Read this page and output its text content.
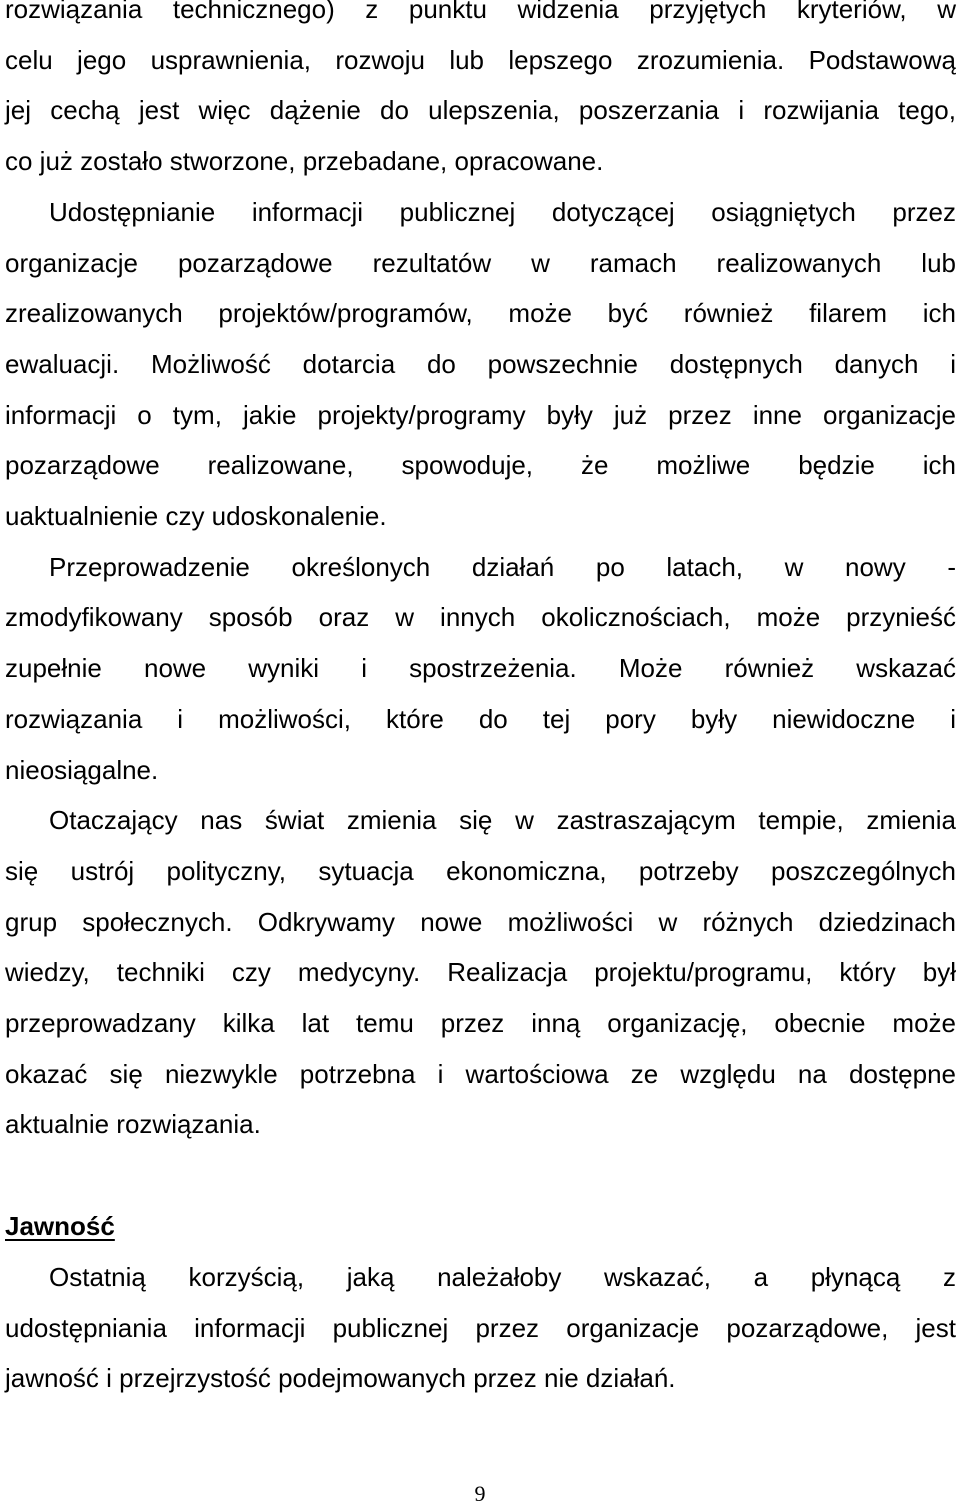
rozwiązania technicznego) z punktu widzenia przyjętych kryteriów, w

celu jego usprawnienia, rozwoju lub lepszego zrozumienia. Podstawową

jej cechą jest więc dążenie do ulepszenia, poszerzania i rozwijania tego,

co już zostało stworzone, przebadane, opracowane.

Udostępnianie informacji publicznej dotyczącej osiągniętych przez

organizacje pozarządowe rezultatów w ramach realizowanych lub

zrealizowanych projektów/programów, może być również filarem ich

ewaluacji. Możliwość dotarcia do powszechnie dostępnych danych i

informacji o tym, jakie projekty/programy były już przez inne organizacje

pozarządowe realizowane, spowoduje, że możliwe będzie ich

uaktualnienie czy udoskonalenie.

Przeprowadzenie określonych działań po latach, w nowy -

zmodyfikowany sposób oraz w innych okolicznościach, może przynieść

zupełnie nowe wyniki i spostrzeżenia. Może również wskazać

rozwiązania i możliwości, które do tej pory były niewidoczne i

nieosiągalne.

Otaczający nas świat zmienia się w zastraszającym tempie, zmienia

się ustrój polityczny, sytuacja ekonomiczna, potrzeby poszczególnych

grup społecznych. Odkrywamy nowe możliwości w różnych dziedzinach

wiedzy, techniki czy medycyny. Realizacja projektu/programu, który był

przeprowadzany kilka lat temu przez inną organizację, obecnie może

okazać się niezwykle potrzebna i wartościowa ze względu na dostępne

aktualnie rozwiązania.

Jawność

Ostatnią korzyścią, jaką należałoby wskazać, a płynącą z

udostępniania informacji publicznej przez organizacje pozarządowe, jest

jawność i przejrzystość podejmowanych przez nie działań.

9
